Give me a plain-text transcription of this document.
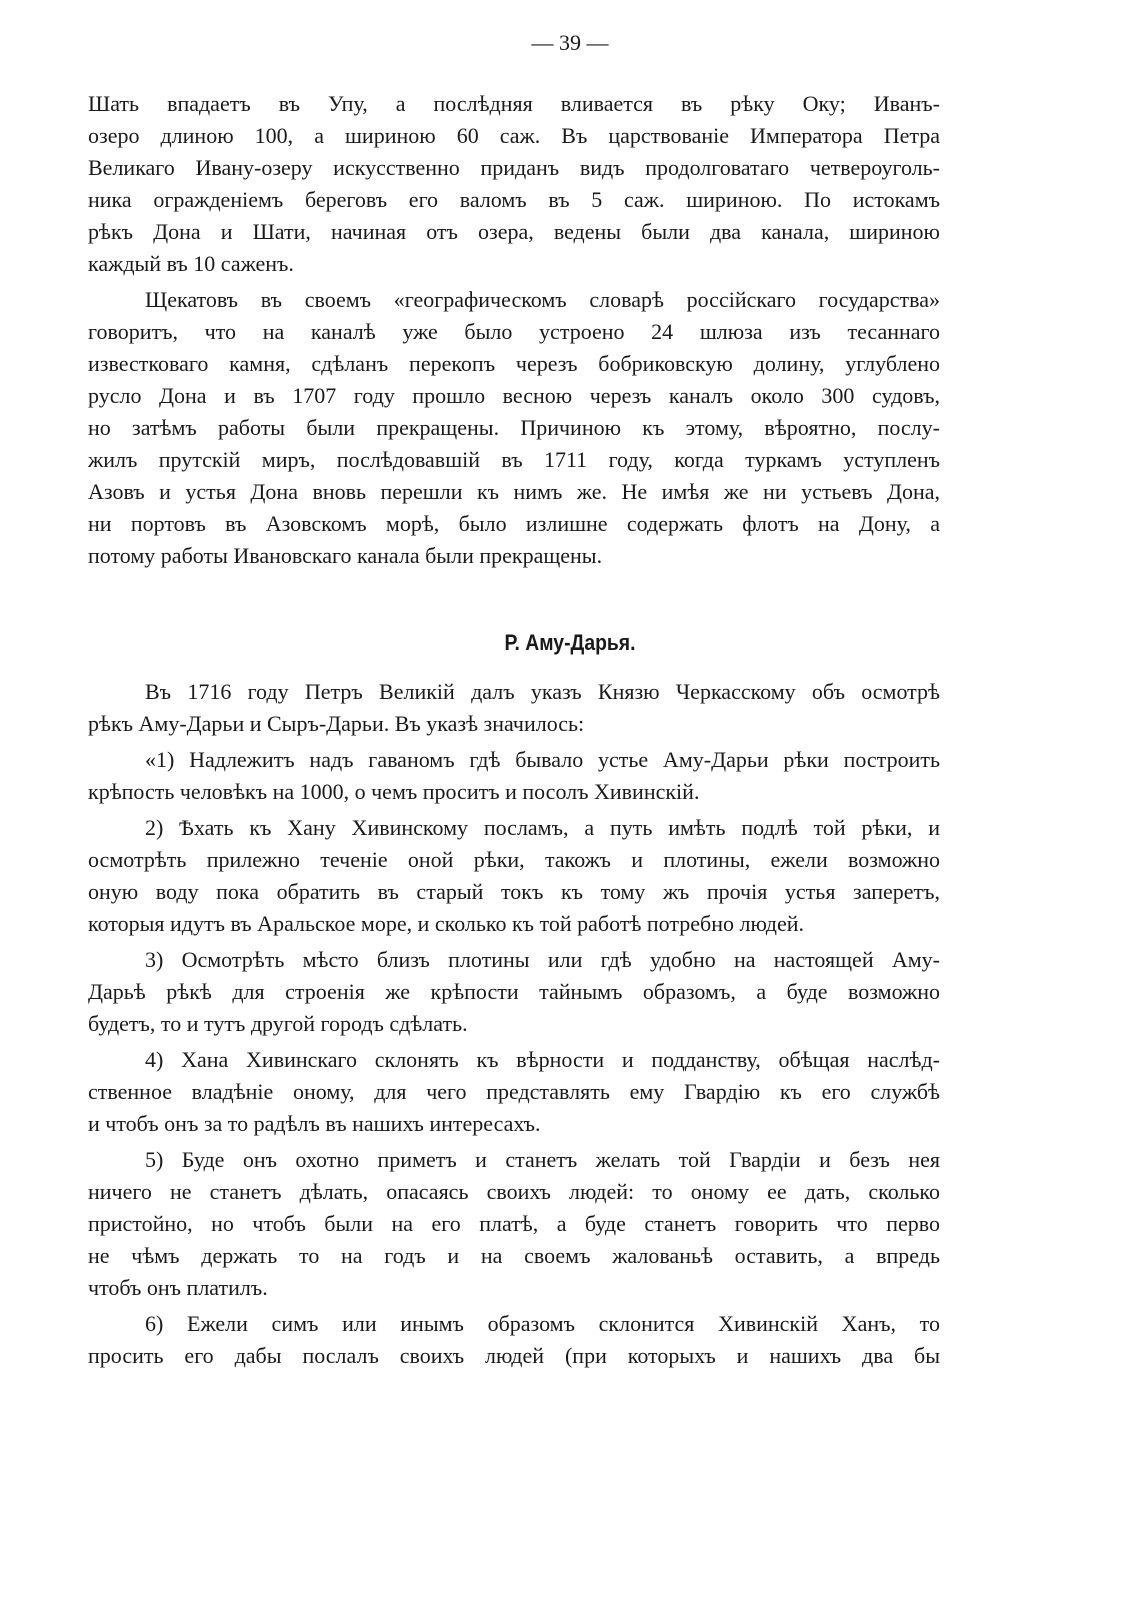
— 39 —
Шать впадаетъ въ Упу, а послѣдняя вливается въ рѣку Оку; Иванъ-
озеро длиною 100, а шириною 60 саж. Въ царствованіе Императора Петра
Великаго Ивану-озеру искусственно приданъ видъ продолговатаго четвероуголь-
ника огражденіемъ береговъ его валомъ въ 5 саж. шириною. По истокамъ
рѣкъ Дона и Шати, начиная отъ озера, ведены были два канала, шириною
каждый въ 10 саженъ.
Щекатовъ въ своемъ «географическомъ словарѣ россійскаго государства»
говоритъ, что на каналѣ уже было устроено 24 шлюза изъ тесаннаго
известковаго камня, сдѣланъ перекопъ черезъ бобриковскую долину, углублено
русло Дона и въ 1707 году прошло весною черезъ каналъ около 300 судовъ,
но затѣмъ работы были прекращены. Причиною къ этому, вѣроятно, послу-
жилъ прутскій миръ, послѣдовавшій въ 1711 году, когда туркамъ уступленъ
Азовъ и устья Дона вновь перешли къ нимъ же. Не имѣя же ни устьевъ Дона,
ни портовъ въ Азовскомъ морѣ, было излишне содержать флотъ на Дону, а
потому работы Ивановскаго канала были прекращены.
Р. Аму-Дарья.
Въ 1716 году Петръ Великій далъ указъ Князю Черкасскому объ осмотрѣ
рѣкъ Аму-Дарьи и Сыръ-Дарьи. Въ указѣ значилось:
«1) Надлежитъ надъ гаваномъ гдѣ бывало устье Аму-Дарьи рѣки построить
крѣпость человѣкъ на 1000, о чемъ проситъ и посолъ Хивинскій.
2) Ѣхать къ Хану Хивинскому посламъ, а путь имѣть подлѣ той рѣки, и
осмотрѣть прилежно теченіе оной рѣки, такожъ и плотины, ежели возможно
оную воду пока обратить въ старый токъ къ тому жъ прочія устья заперетъ,
которыя идутъ въ Аральское море, и сколько къ той работѣ потребно людей.
3) Осмотрѣть мѣсто близъ плотины или гдѣ удобно на настоящей Аму-
Дарьѣ рѣкѣ для строенія же крѣпости тайнымъ образомъ, а буде возможно
будетъ, то и тутъ другой городъ сдѣлать.
4) Хана Хивинскаго склонять къ вѣрности и подданству, обѣщая наслѣд-
ственное владѣніе оному, для чего представлять ему Гвардію къ его службѣ
и чтобъ онъ за то радѣлъ въ нашихъ интересахъ.
5) Буде онъ охотно приметъ и станетъ желать той Гвардіи и безъ нея
ничего не станетъ дѣлать, опасаясь своихъ людей: то оному ее дать, сколько
пристойно, но чтобъ были на его платѣ, а буде станетъ говорить что перво
не чѣмъ держать то на годъ и на своемъ жалованьѣ оставить, а впредь
чтобъ онъ платилъ.
6) Ежели симъ или инымъ образомъ склонится Хивинскій Ханъ, то
просить его дабы послалъ своихъ людей (при которыхъ и нашихъ два бы
